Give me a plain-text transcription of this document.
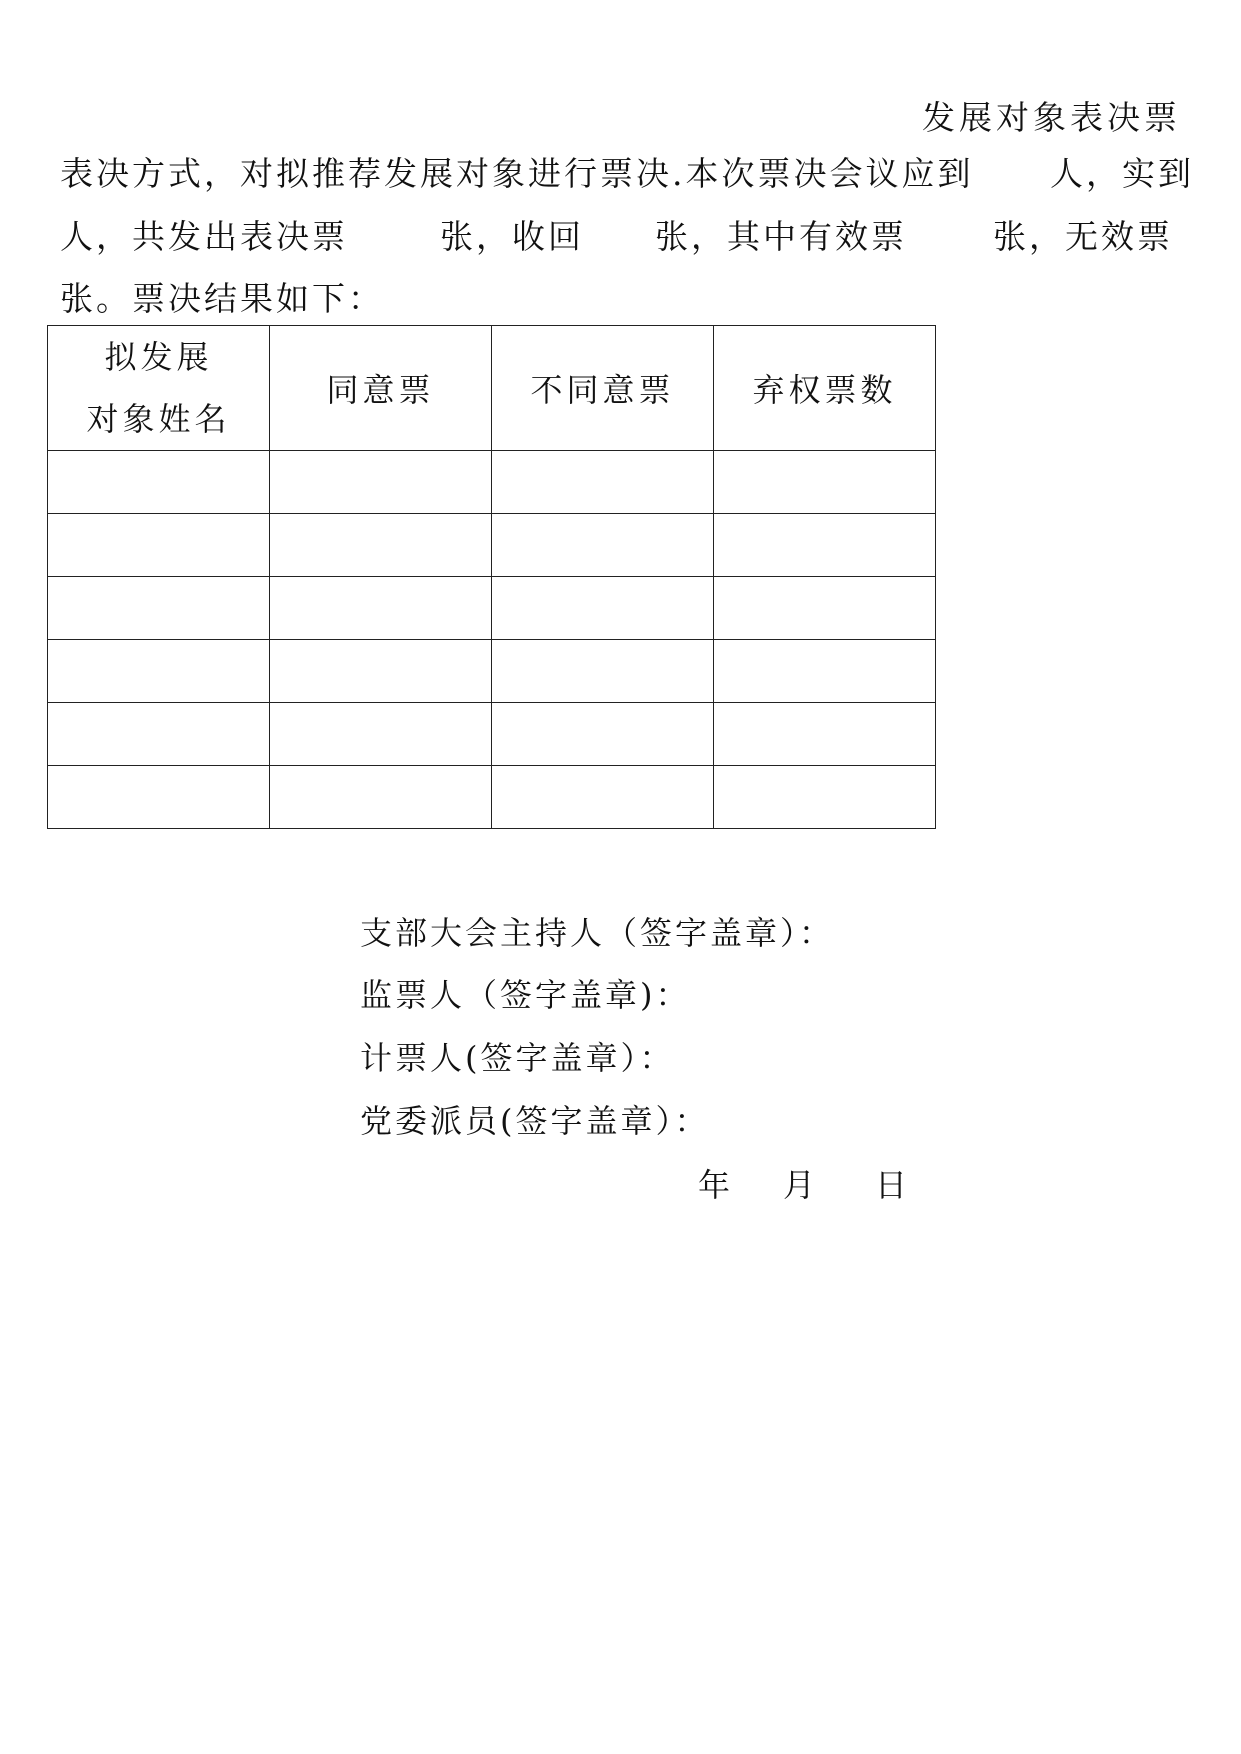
发展对象表决票
表决方式，对拟推荐发展对象进行票决.本次票决会议应到 人，实到
人，共发出表决票	张，收回 张，其中有效票	张，无效票
张。票决结果如下：
拟发展
对象姓名	同意票	不同意票	弃权票数

支部大会主持人（签字盖章）：
监票人（签字盖章)：
计票人(签字盖章）：
党委派员(签字盖章）：
年 月 日
